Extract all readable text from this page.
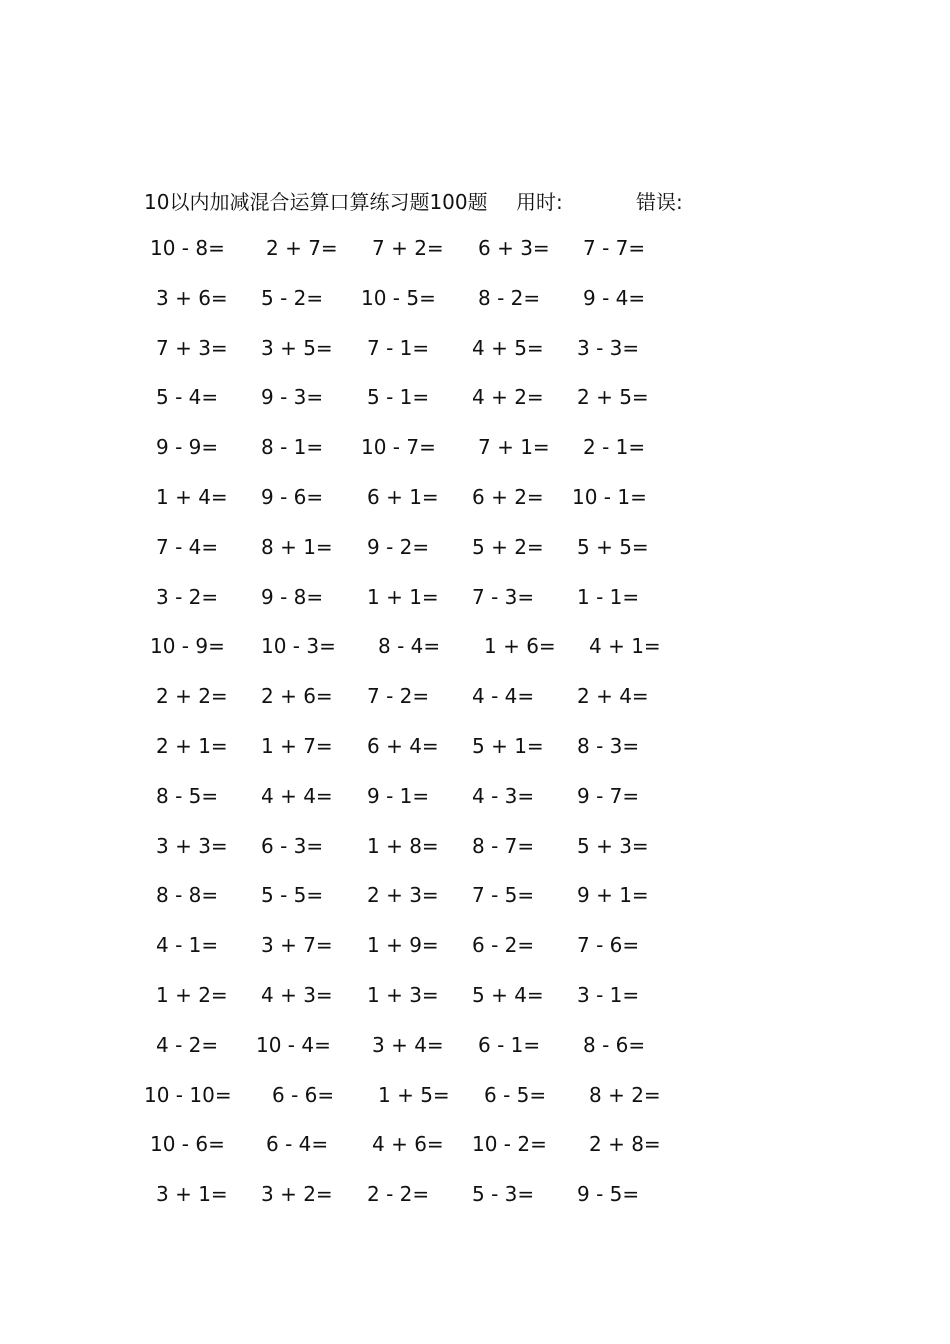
10以内加减混合运算口算练习题100题 用时:	错误:
10 - 8= 2 + 7= 7 + 2= 6 + 3= 7 - 7=
3 + 6= 5 - 2= 10 - 5= 8 - 2= 9 - 4=
7 + 3= 3 + 5= 7 - 1= 4 + 5= 3 - 3=
5 - 4= 9 - 3= 5 - 1= 4 + 2= 2 + 5=
9 - 9= 8 - 1= 10 - 7= 7 + 1= 2 - 1=
1 + 4= 9 - 6= 6 + 1= 6 + 2= 10 - 1=
7 - 4= 8 + 1= 9 - 2= 5 + 2= 5 + 5=
3 - 2= 9 - 8= 1 + 1= 7 - 3= 1 - 1=
10 - 9= 10 - 3= 8 - 4= 1 + 6= 4 + 1=
2 + 2= 2 + 6= 7 - 2= 4 - 4= 2 + 4=
2 + 1= 1 + 7= 6 + 4= 5 + 1= 8 - 3=
8 - 5= 4 + 4= 9 - 1= 4 - 3= 9 - 7=
3 + 3= 6 - 3= 1 + 8= 8 - 7= 5 + 3=
8 - 8= 5 - 5= 2 + 3= 7 - 5= 9 + 1=
4 - 1= 3 + 7= 1 + 9= 6 - 2= 7 - 6=
1 + 2= 4 + 3= 1 + 3= 5 + 4= 3 - 1=
4 - 2= 10 - 4= 3 + 4= 6 - 1= 8 - 6=
10 - 10= 6 - 6= 1 + 5= 6 - 5= 8 + 2=
10 - 6= 6 - 4= 4 + 6= 10 - 2= 2 + 8=
3 + 1= 3 + 2= 2 - 2= 5 - 3= 9 - 5=
